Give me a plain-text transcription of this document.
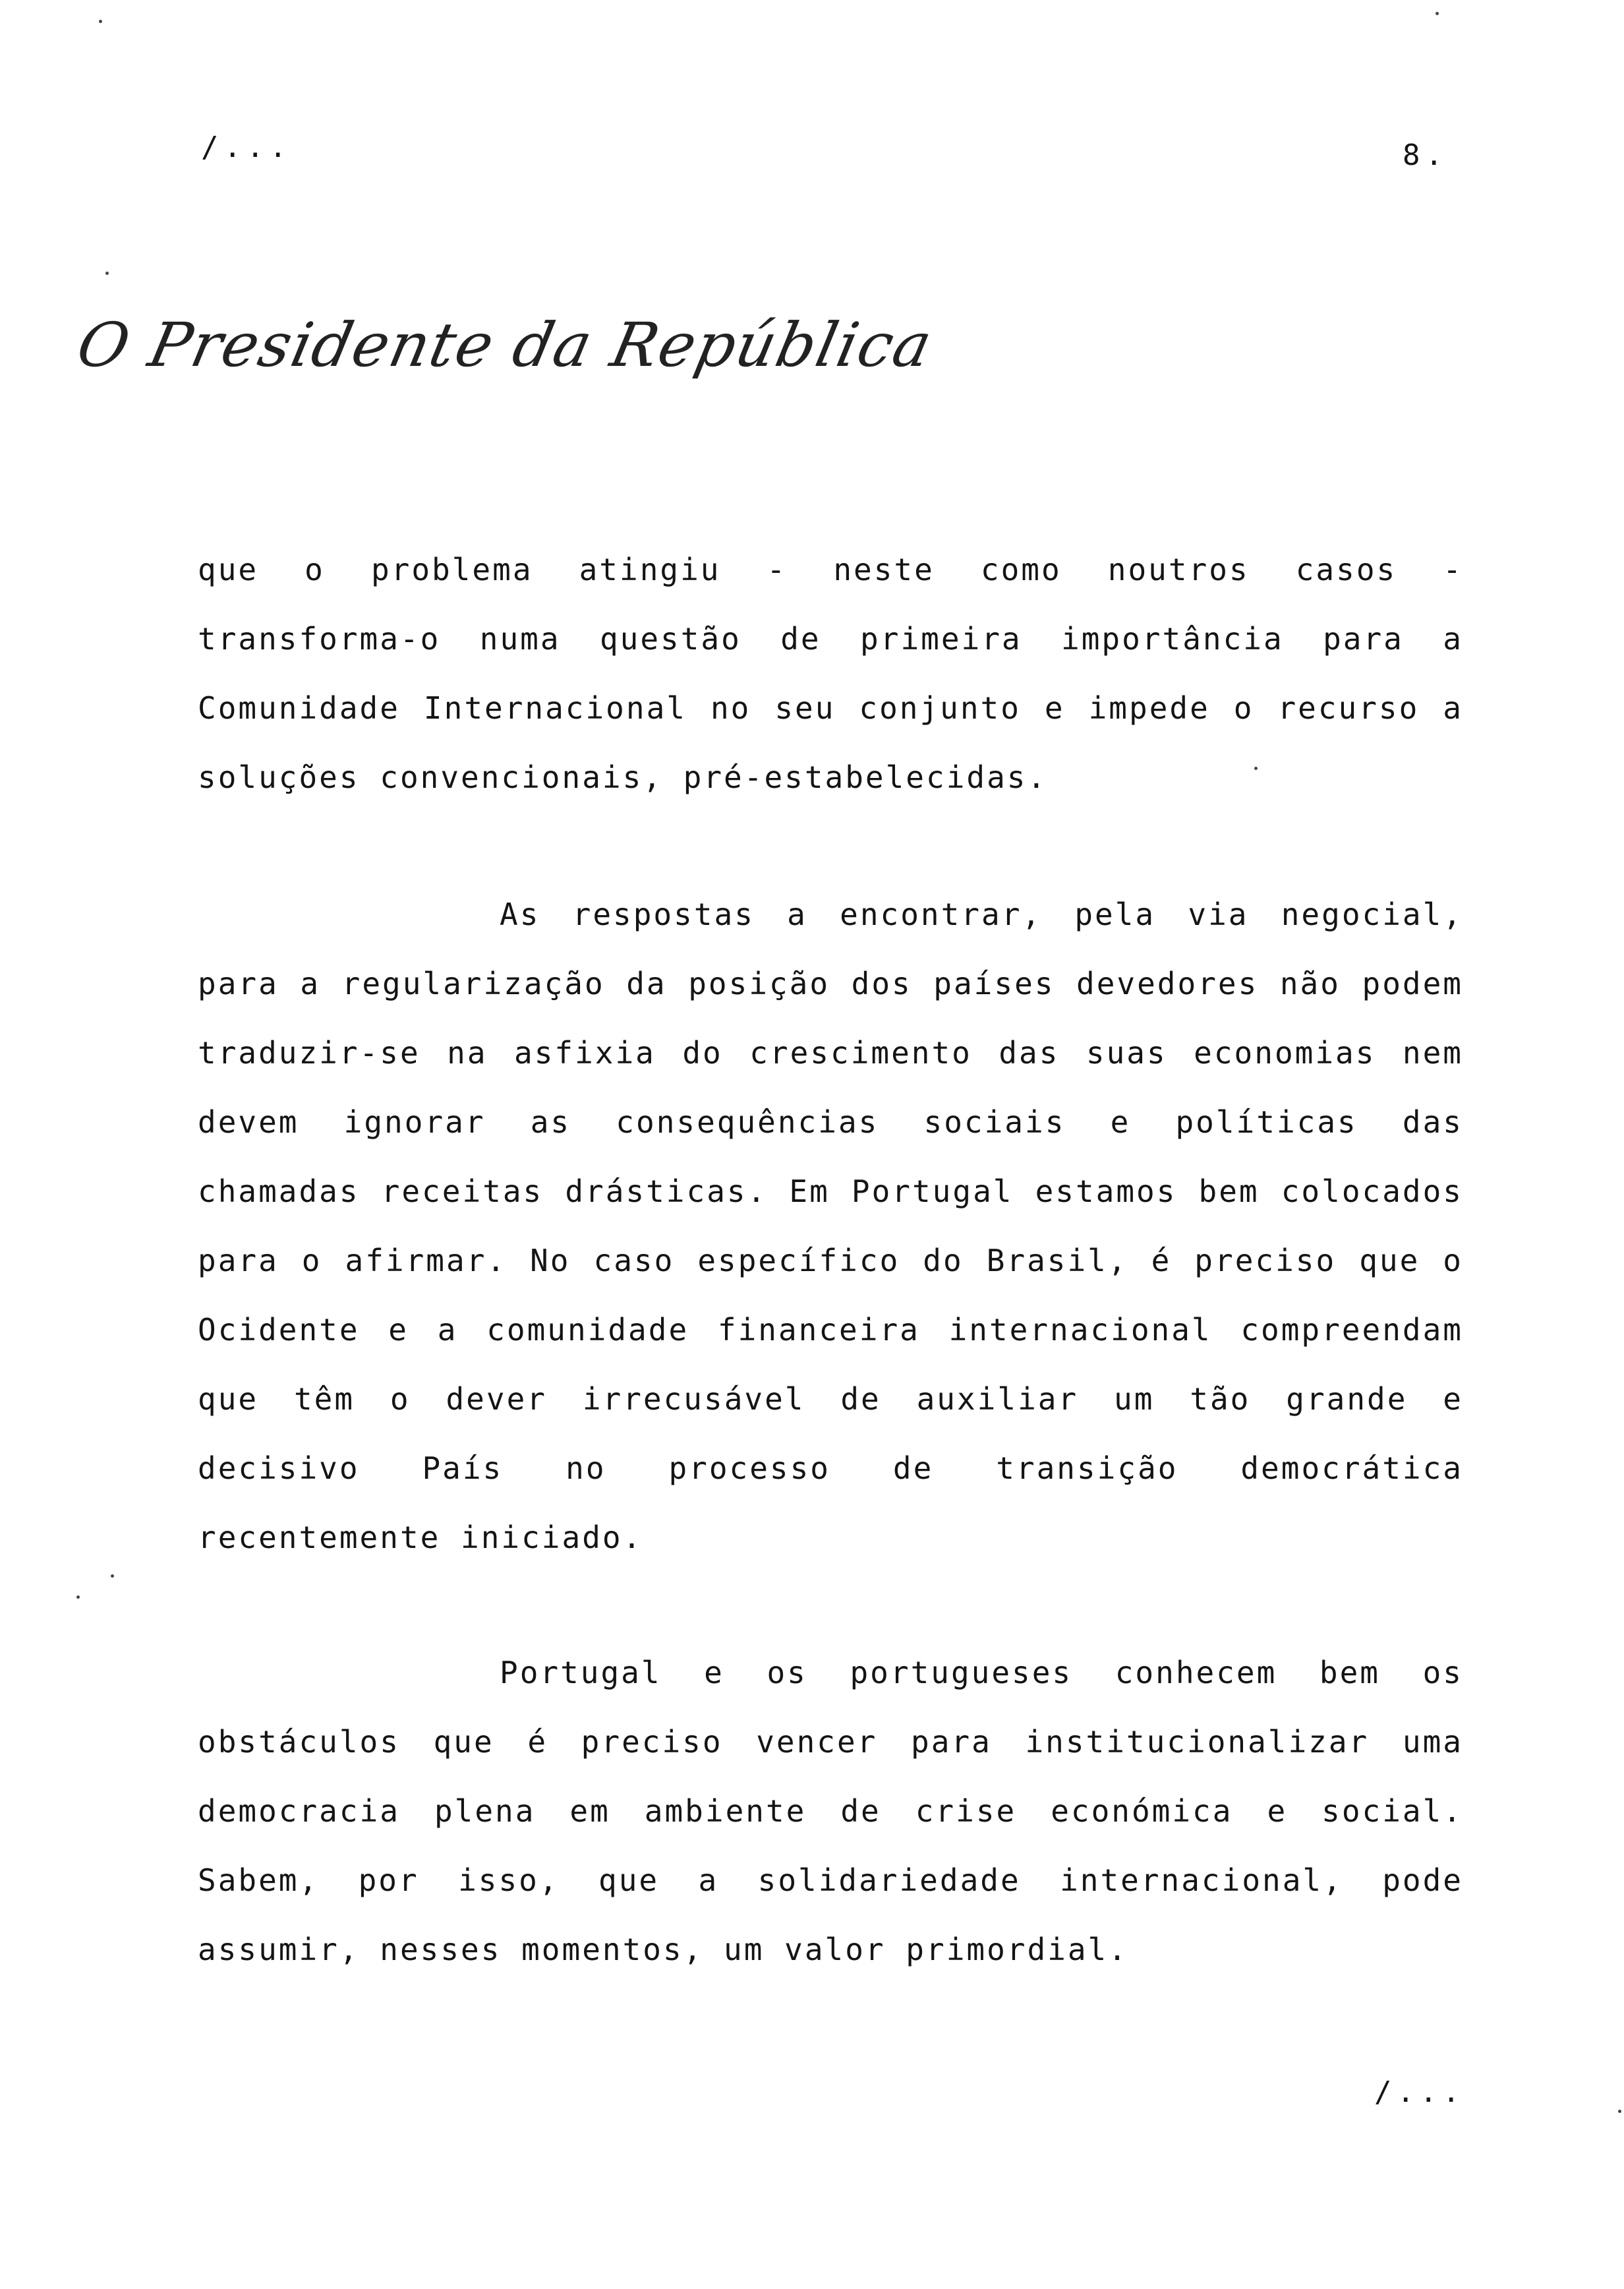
/...	8.
O Presidente da República

que o problema atingiu - neste como noutros casos - transforma-o numa questão de primeira importância para a Comunidade Internacional no seu conjunto e impede o recurso a soluções convencionais, pré-estabelecidas.

As respostas a encontrar, pela via negocial, para a regularização da posição dos países devedores não podem traduzir-se na asfixia do crescimento das suas economias nem devem ignorar as consequências sociais e políticas das chamadas receitas drásticas. Em Portugal estamos bem colocados para o afirmar. No caso específico do Brasil, é preciso que o Ocidente e a comunidade financeira internacional compreendam que têm o dever irrecusável de auxiliar um tão grande e decisivo País no processo de transição democrática recentemente iniciado.

Portugal e os portugueses conhecem bem os obstáculos que é preciso vencer para institucionalizar uma democracia plena em ambiente de crise económica e social. Sabem, por isso, que a solidariedade internacional, pode assumir, nesses momentos, um valor primordial.

/...
